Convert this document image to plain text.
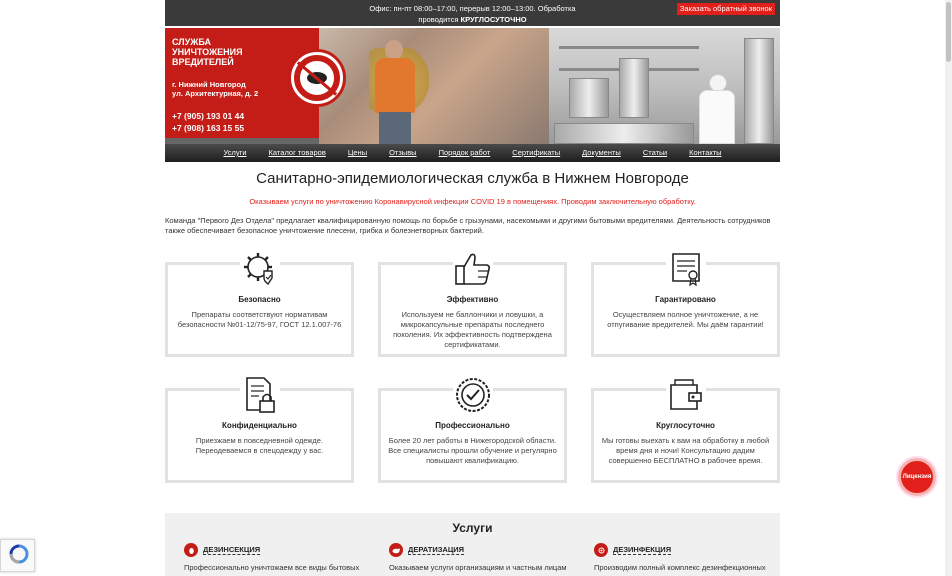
Офис: пн-пт 08:00–17:00, перерыв 12:00–13:00. Обработка
проводится КРУГЛОСУТОЧНО
Заказать обратный звонок
СЛУЖБА
УНИЧТОЖЕНИЯ
ВРЕДИТЕЛЕЙ
г. Нижний Новгород
ул. Архитектурная, д. 2
+7 (905) 193 01 44
+7 (908) 163 15 55
Услуги	Каталог товаров	Цены	Отзывы	Порядок работ	Сертификаты	Документы	Статьи	Контакты
Санитарно-эпидемиологическая служба в Нижнем Новгороде
Оказываем услуги по уничтожению Коронавирусной инфекции COVID 19 в помещениях. Проводим заключительную обработку.
Команда "Первого Дез Отдела" предлагает квалифицированную помощь по борьбе с грызунами, насекомыми и другими бытовыми вредителями. Деятельность сотрудников также обеспечивает безопасное уничтожение плесени, грибка и болезнетворных бактерий.
Безопасно
Препараты соответствуют нормативам безопасности №01-12/75-97, ГОСТ 12.1.007-76
Эффективно
Используем не баллончики и ловушки, а микрокапсульные препараты последнего поколения. Их эффективность подтверждена сертификатами.
Гарантировано
Осуществляем полное уничтожение, а не отпугивание вредителей. Мы даём гарантии!
Конфиденциально
Приезжаем в повседневной одежде. Переодеваемся в спецодежду у вас.
Профессионально
Более 20 лет работы в Нижегородской области. Все специалисты прошли обучение и регулярно повышают квалификацию.
Круглосуточно
Мы готовы выехать к вам на обработку в любой время дня и ночи! Консультацию дадим совершенно БЕСПЛАТНО в рабочее время.
Услуги
ДЕЗИНСЕКЦИЯ
Профессионально уничтожаем все виды бытовых
ДЕРАТИЗАЦИЯ
Оказываем услуги организациям и частным лицам
ДЕЗИНФЕКЦИЯ
Производим полный комплекс дезинфекционных
Лицензия
